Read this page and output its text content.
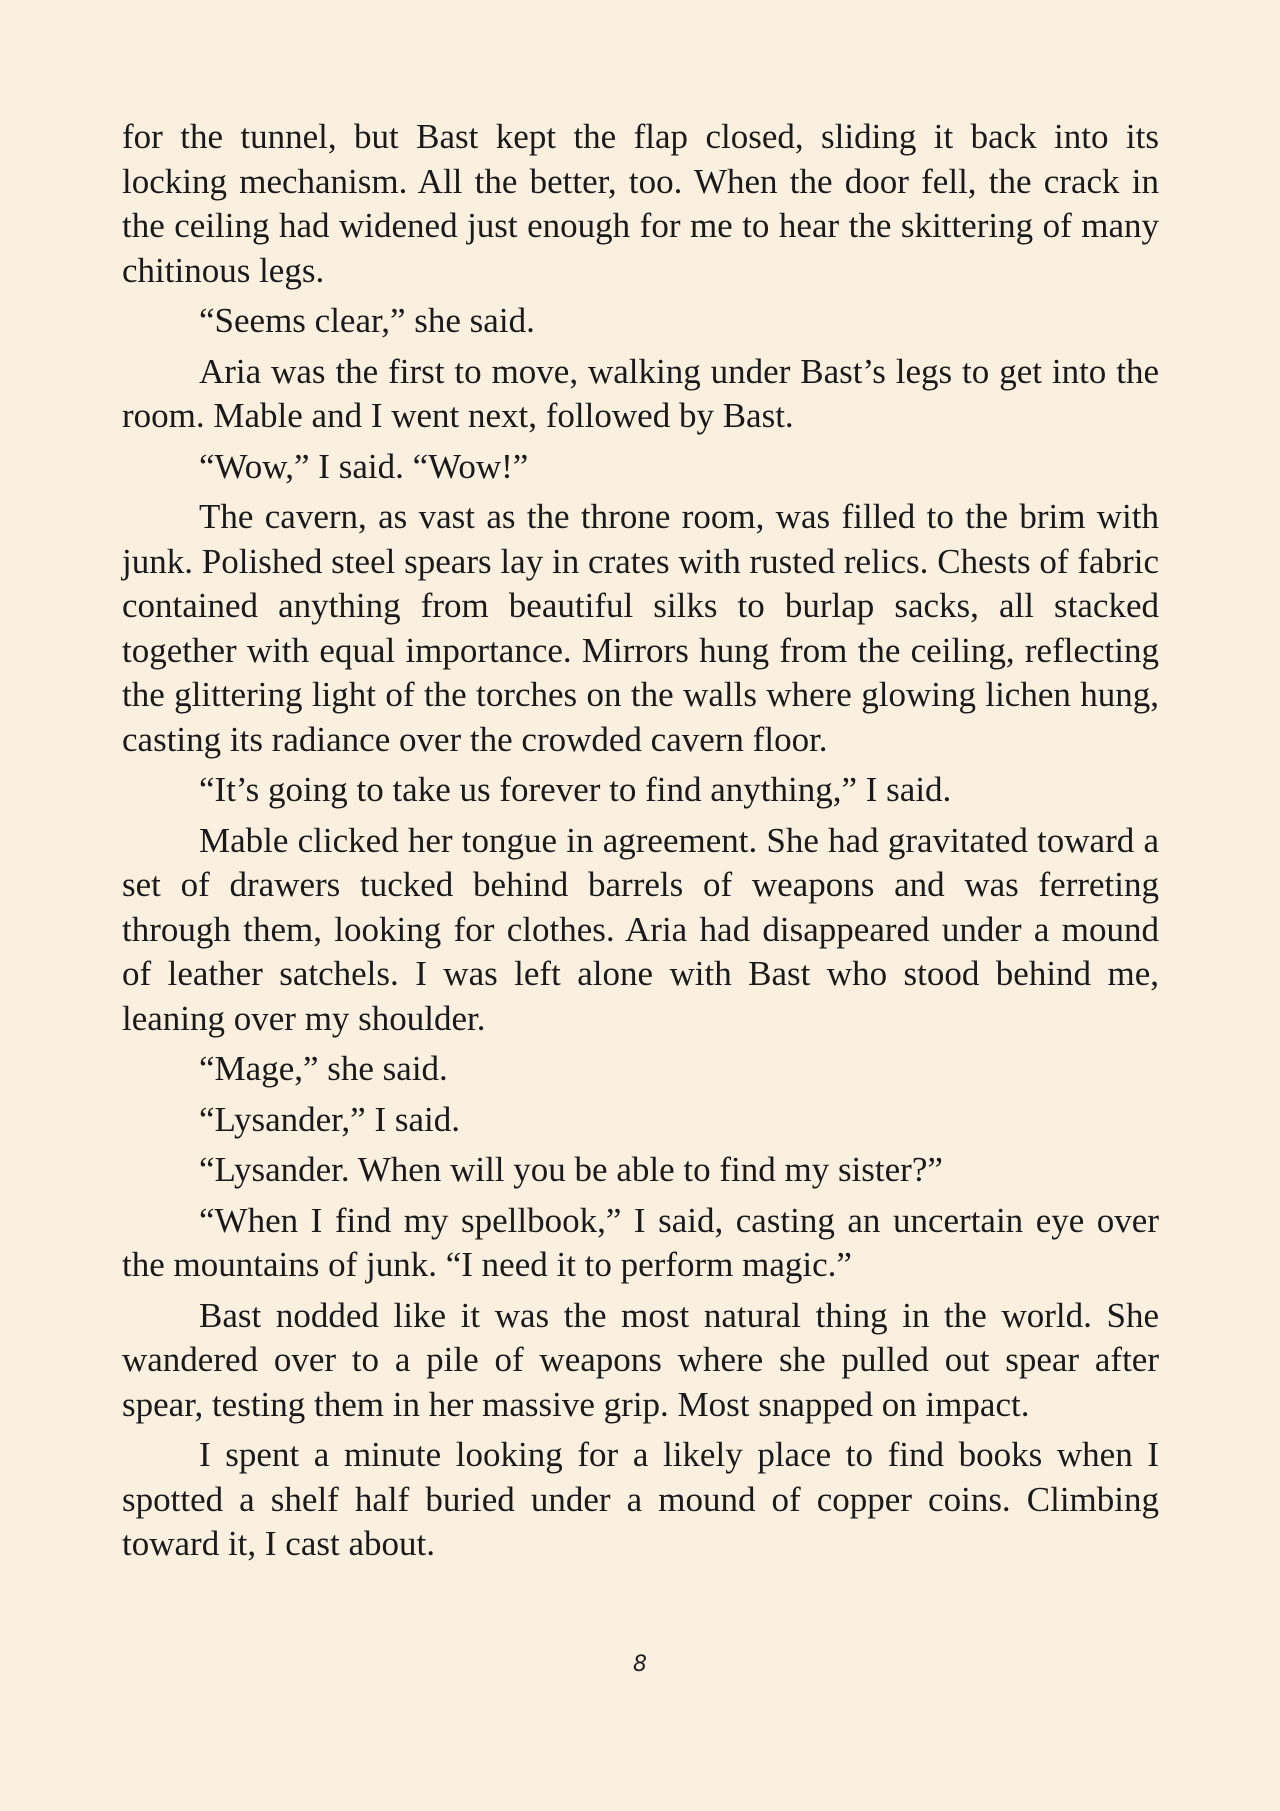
for the tunnel, but Bast kept the flap closed, sliding it back into its locking mechanism. All the better, too. When the door fell, the crack in the ceiling had widened just enough for me to hear the skittering of many chitinous legs.

“Seems clear,” she said.

Aria was the first to move, walking under Bast’s legs to get into the room. Mable and I went next, followed by Bast.

“Wow,” I said. “Wow!”

The cavern, as vast as the throne room, was filled to the brim with junk. Polished steel spears lay in crates with rusted relics. Chests of fabric contained anything from beautiful silks to burlap sacks, all stacked together with equal importance. Mirrors hung from the ceiling, reflecting the glittering light of the torches on the walls where glowing lichen hung, casting its radiance over the crowded cavern floor.

“It’s going to take us forever to find anything,” I said.

Mable clicked her tongue in agreement. She had gravitated toward a set of drawers tucked behind barrels of weapons and was ferreting through them, looking for clothes. Aria had disappeared under a mound of leather satchels. I was left alone with Bast who stood behind me, leaning over my shoulder.

“Mage,” she said.

“Lysander,” I said.

“Lysander. When will you be able to find my sister?”

“When I find my spellbook,” I said, casting an uncertain eye over the mountains of junk. “I need it to perform magic.”

Bast nodded like it was the most natural thing in the world. She wandered over to a pile of weapons where she pulled out spear after spear, testing them in her massive grip. Most snapped on impact.

I spent a minute looking for a likely place to find books when I spotted a shelf half buried under a mound of copper coins. Climbing toward it, I cast about.

8
